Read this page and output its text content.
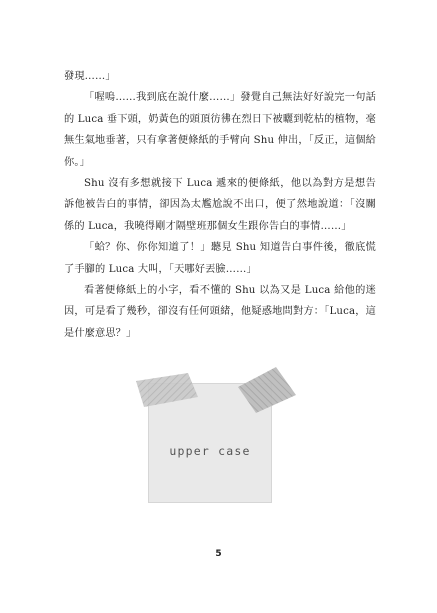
發現……」

「喔嗚……我到底在說什麼……」發覺自己無法好好說完一句話的 Luca 垂下頭，奶黃色的頭頂彷彿在烈日下被曬到乾枯的植物，毫無生氣地垂著，只有拿著便條紙的手臂向 Shu 伸出，「反正，這個給你。」

Shu 沒有多想就接下 Luca 遞來的便條紙，他以為對方是想告訴他被告白的事情，卻因為太尷尬說不出口，便了然地說道：「沒關係的 Luca，我曉得剛才隔壁班那個女生跟你告白的事情……」

「蛤？你、你你知道了！」聽見 Shu 知道告白事件後，徹底慌了手腳的 Luca 大叫，「天哪好丟臉……」

看著便條紙上的小字，看不懂的 Shu 以為又是 Luca 給他的迷因，可是看了幾秒，卻沒有任何頭緒，他疑惑地問對方：「Luca，這是什麼意思？」

upper case
5
